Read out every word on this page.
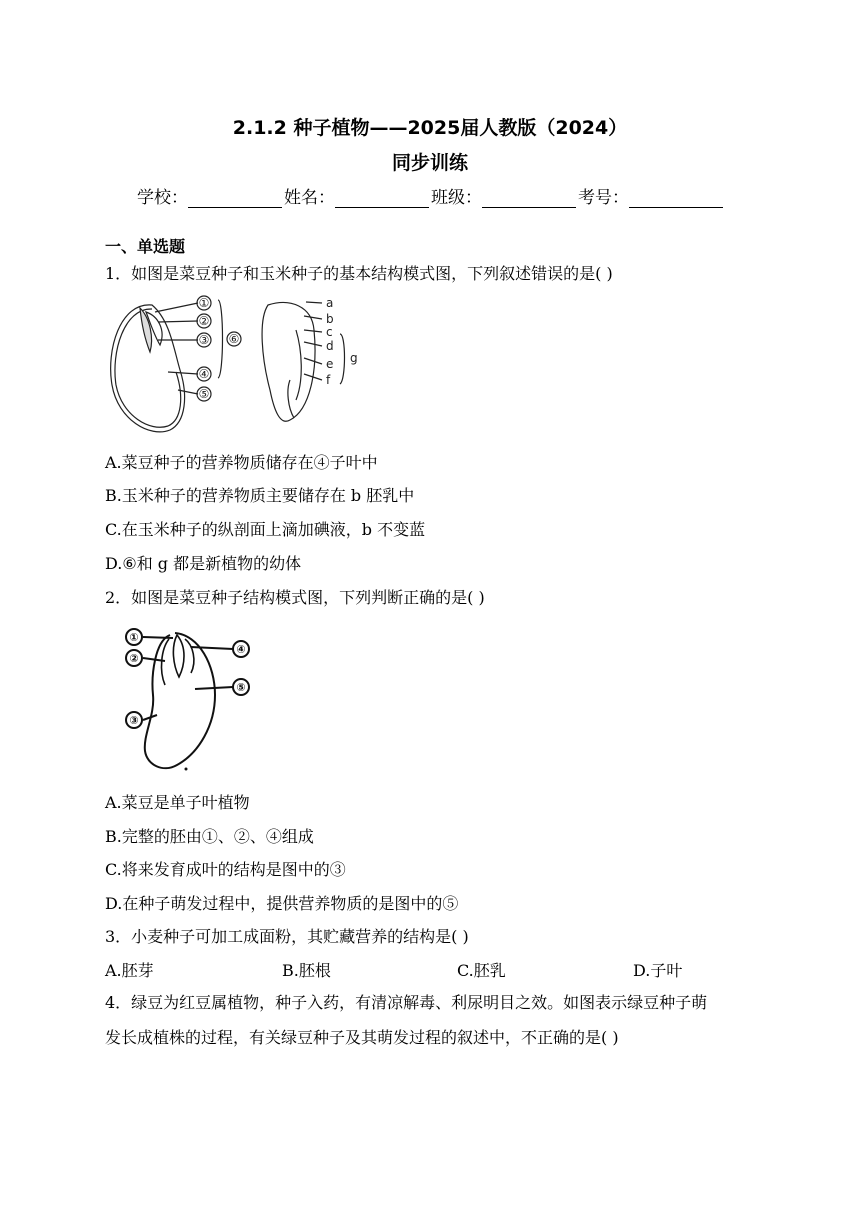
2.1.2 种子植物——2025届人教版（2024）
同步训练
学校：	姓名：	班级：	考号：
一、单选题
1．如图是菜豆种子和玉米种子的基本结构模式图，下列叙述错误的是( )
①
②
③
④
⑤
⑥
a
b
c
d
e
f
g
A.菜豆种子的营养物质储存在④子叶中
B.玉米种子的营养物质主要储存在 b 胚乳中
C.在玉米种子的纵剖面上滴加碘液，b 不变蓝
D.⑥和 g 都是新植物的幼体
2．如图是菜豆种子结构模式图，下列判断正确的是( )
①
②
③
④
⑤
A.菜豆是单子叶植物
B.完整的胚由①、②、④组成
C.将来发育成叶的结构是图中的③
D.在种子萌发过程中，提供营养物质的是图中的⑤
3．小麦种子可加工成面粉，其贮藏营养的结构是( )
A.胚芽	B.胚根	C.胚乳	D.子叶
4．绿豆为红豆属植物，种子入药，有清凉解毒、利尿明目之效。如图表示绿豆种子萌
发长成植株的过程，有关绿豆种子及其萌发过程的叙述中，不正确的是( )
